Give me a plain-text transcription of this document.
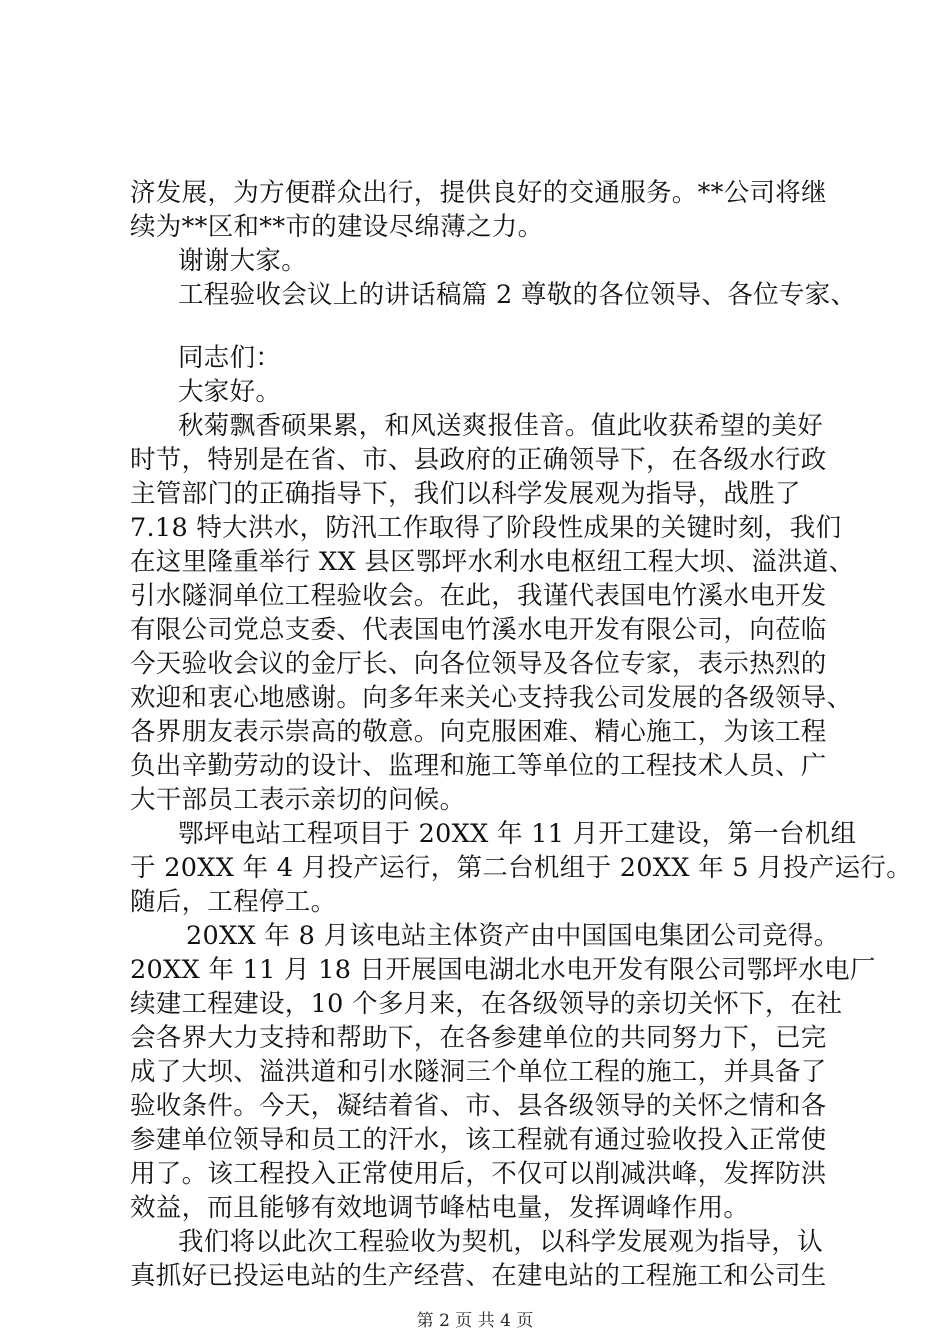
济发展，为方便群众出行，提供良好的交通服务。**公司将继
续为**区和**市的建设尽绵薄之力。
谢谢大家。
工程验收会议上的讲话稿篇 2 尊敬的各位领导、各位专家、
同志们：
大家好。
秋菊飘香硕果累，和风送爽报佳音。值此收获希望的美好
时节，特别是在省、市、县政府的正确领导下，在各级水行政
主管部门的正确指导下，我们以科学发展观为指导，战胜了
7.18 特大洪水，防汛工作取得了阶段性成果的关键时刻，我们
在这里隆重举行 XX 县区鄂坪水利水电枢纽工程大坝、溢洪道、
引水隧洞单位工程验收会。在此，我谨代表国电竹溪水电开发
有限公司党总支委、代表国电竹溪水电开发有限公司，向莅临
今天验收会议的金厅长、向各位领导及各位专家，表示热烈的
欢迎和衷心地感谢。向多年来关心支持我公司发展的各级领导、
各界朋友表示崇高的敬意。向克服困难、精心施工，为该工程
负出辛勤劳动的设计、监理和施工等单位的工程技术人员、广
大干部员工表示亲切的问候。
鄂坪电站工程项目于 20XX 年 11 月开工建设，第一台机组
于 20XX 年 4 月投产运行，第二台机组于 20XX 年 5 月投产运行。
随后，工程停工。
20XX 年 8 月该电站主体资产由中国国电集团公司竞得。
20XX 年 11 月 18 日开展国电湖北水电开发有限公司鄂坪水电厂
续建工程建设，10 个多月来，在各级领导的亲切关怀下，在社
会各界大力支持和帮助下，在各参建单位的共同努力下，已完
成了大坝、溢洪道和引水隧洞三个单位工程的施工，并具备了
验收条件。今天，凝结着省、市、县各级领导的关怀之情和各
参建单位领导和员工的汗水，该工程就有通过验收投入正常使
用了。该工程投入正常使用后，不仅可以削减洪峰，发挥防洪
效益，而且能够有效地调节峰枯电量，发挥调峰作用。
我们将以此次工程验收为契机，以科学发展观为指导，认
真抓好已投运电站的生产经营、在建电站的工程施工和公司生
第 2 页 共 4 页
